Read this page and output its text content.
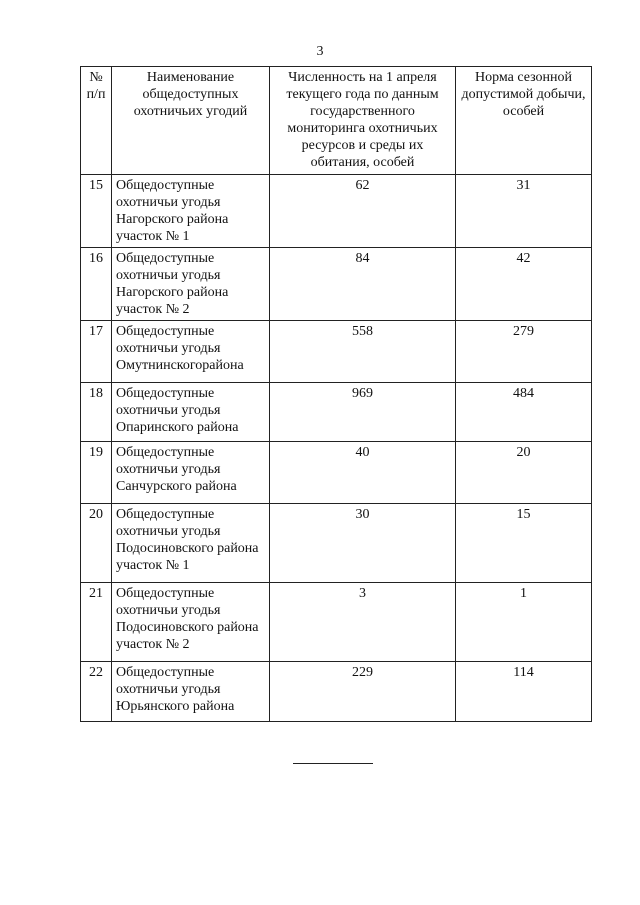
3
№ п/п	Наименование общедоступных охотничьих угодий	Численность на 1 апреля текущего года по данным государственного мониторинга охотничьих ресурсов и среды их обитания, особей	Норма сезонной допустимой добычи, особей
15	Общедоступные охотничьи угодья Нагорского района участок № 1	62	31
16	Общедоступные охотничьи угодья Нагорского района участок № 2	84	42
17	Общедоступные охотничьи угодья Омутнинскогорайона	558	279
18	Общедоступные охотничьи угодья Опаринского района	969	484
19	Общедоступные охотничьи угодья Санчурского района	40	20
20	Общедоступные охотничьи угодья Подосиновского района участок № 1	30	15
21	Общедоступные охотничьи угодья Подосиновского района участок № 2	3	1
22	Общедоступные охотничьи угодья Юрьянского района	229	114
